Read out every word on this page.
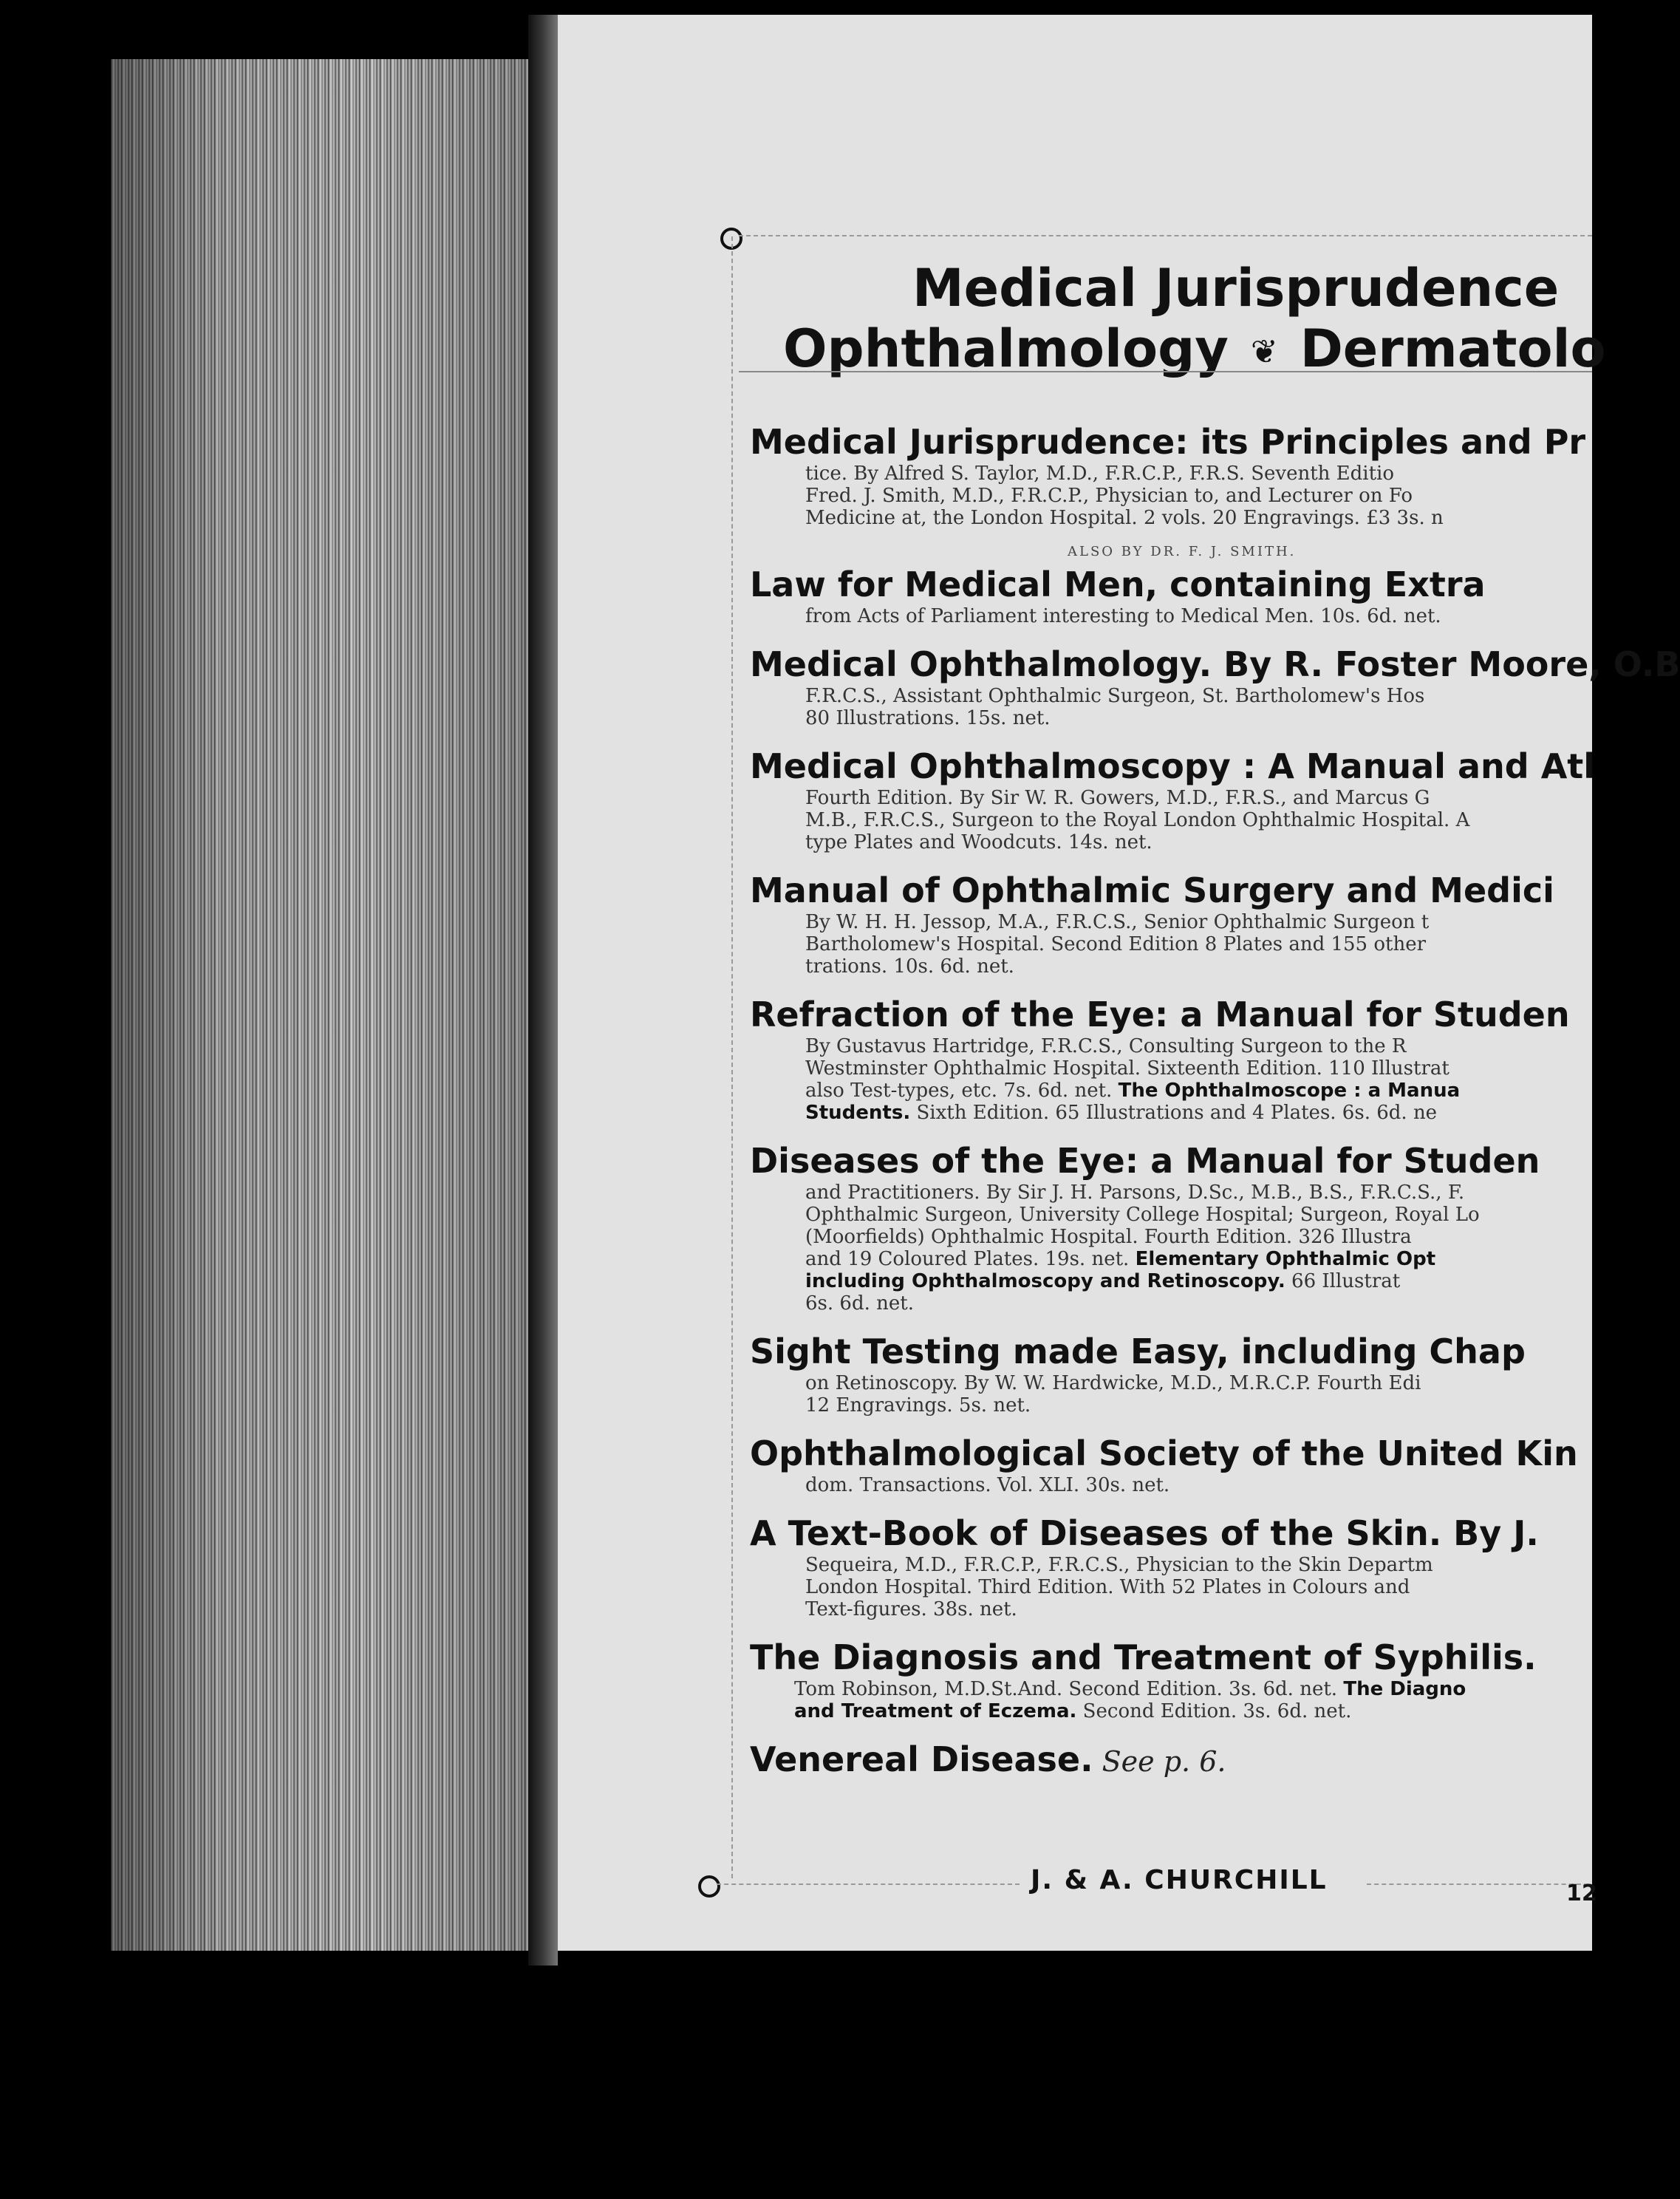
Medical Jurisprudence
Ophthalmology ❦ Dermatolo
Medical Jurisprudence: its Principles and Pr
tice. By Alfred S. Taylor, M.D., F.R.C.P., F.R.S. Seventh Editio
Fred. J. Smith, M.D., F.R.C.P., Physician to, and Lecturer on Fo
Medicine at, the London Hospital. 2 vols. 20 Engravings. £3 3s. n
ALSO BY DR. F. J. SMITH.
Law for Medical Men, containing Extra
from Acts of Parliament interesting to Medical Men. 10s. 6d. net.
Medical Ophthalmology. By R. Foster Moore, O.B
F.R.C.S., Assistant Ophthalmic Surgeon, St. Bartholomew's Hos
80 Illustrations. 15s. net.
Medical Ophthalmoscopy : A Manual and Atl
Fourth Edition. By Sir W. R. Gowers, M.D., F.R.S., and Marcus G
M.B., F.R.C.S., Surgeon to the Royal London Ophthalmic Hospital. A
type Plates and Woodcuts. 14s. net.
Manual of Ophthalmic Surgery and Medici
By W. H. H. Jessop, M.A., F.R.C.S., Senior Ophthalmic Surgeon t
Bartholomew's Hospital. Second Edition 8 Plates and 155 other
trations. 10s. 6d. net.
Refraction of the Eye: a Manual for Studen
By Gustavus Hartridge, F.R.C.S., Consulting Surgeon to the R
Westminster Ophthalmic Hospital. Sixteenth Edition. 110 Illustrat
also Test-types, etc. 7s. 6d. net. The Ophthalmoscope : a Manua
Students. Sixth Edition. 65 Illustrations and 4 Plates. 6s. 6d. ne
Diseases of the Eye: a Manual for Studen
and Practitioners. By Sir J. H. Parsons, D.Sc., M.B., B.S., F.R.C.S., F.
Ophthalmic Surgeon, University College Hospital; Surgeon, Royal Lo
(Moorfields) Ophthalmic Hospital. Fourth Edition. 326 Illustra
and 19 Coloured Plates. 19s. net. Elementary Ophthalmic Opt
including Ophthalmoscopy and Retinoscopy. 66 Illustrat
6s. 6d. net.
Sight Testing made Easy, including Chap
on Retinoscopy. By W. W. Hardwicke, M.D., M.R.C.P. Fourth Edi
12 Engravings. 5s. net.
Ophthalmological Society of the United Kin
dom. Transactions. Vol. XLI. 30s. net.
A Text-Book of Diseases of the Skin. By J.
Sequeira, M.D., F.R.C.P., F.R.C.S., Physician to the Skin Departm
London Hospital. Third Edition. With 52 Plates in Colours and
Text-figures. 38s. net.
The Diagnosis and Treatment of Syphilis.
Tom Robinson, M.D.St.And. Second Edition. 3s. 6d. net. The Diagno
and Treatment of Eczema. Second Edition. 3s. 6d. net.
Venereal Disease. See p. 6.
J. & A. CHURCHILL	12
